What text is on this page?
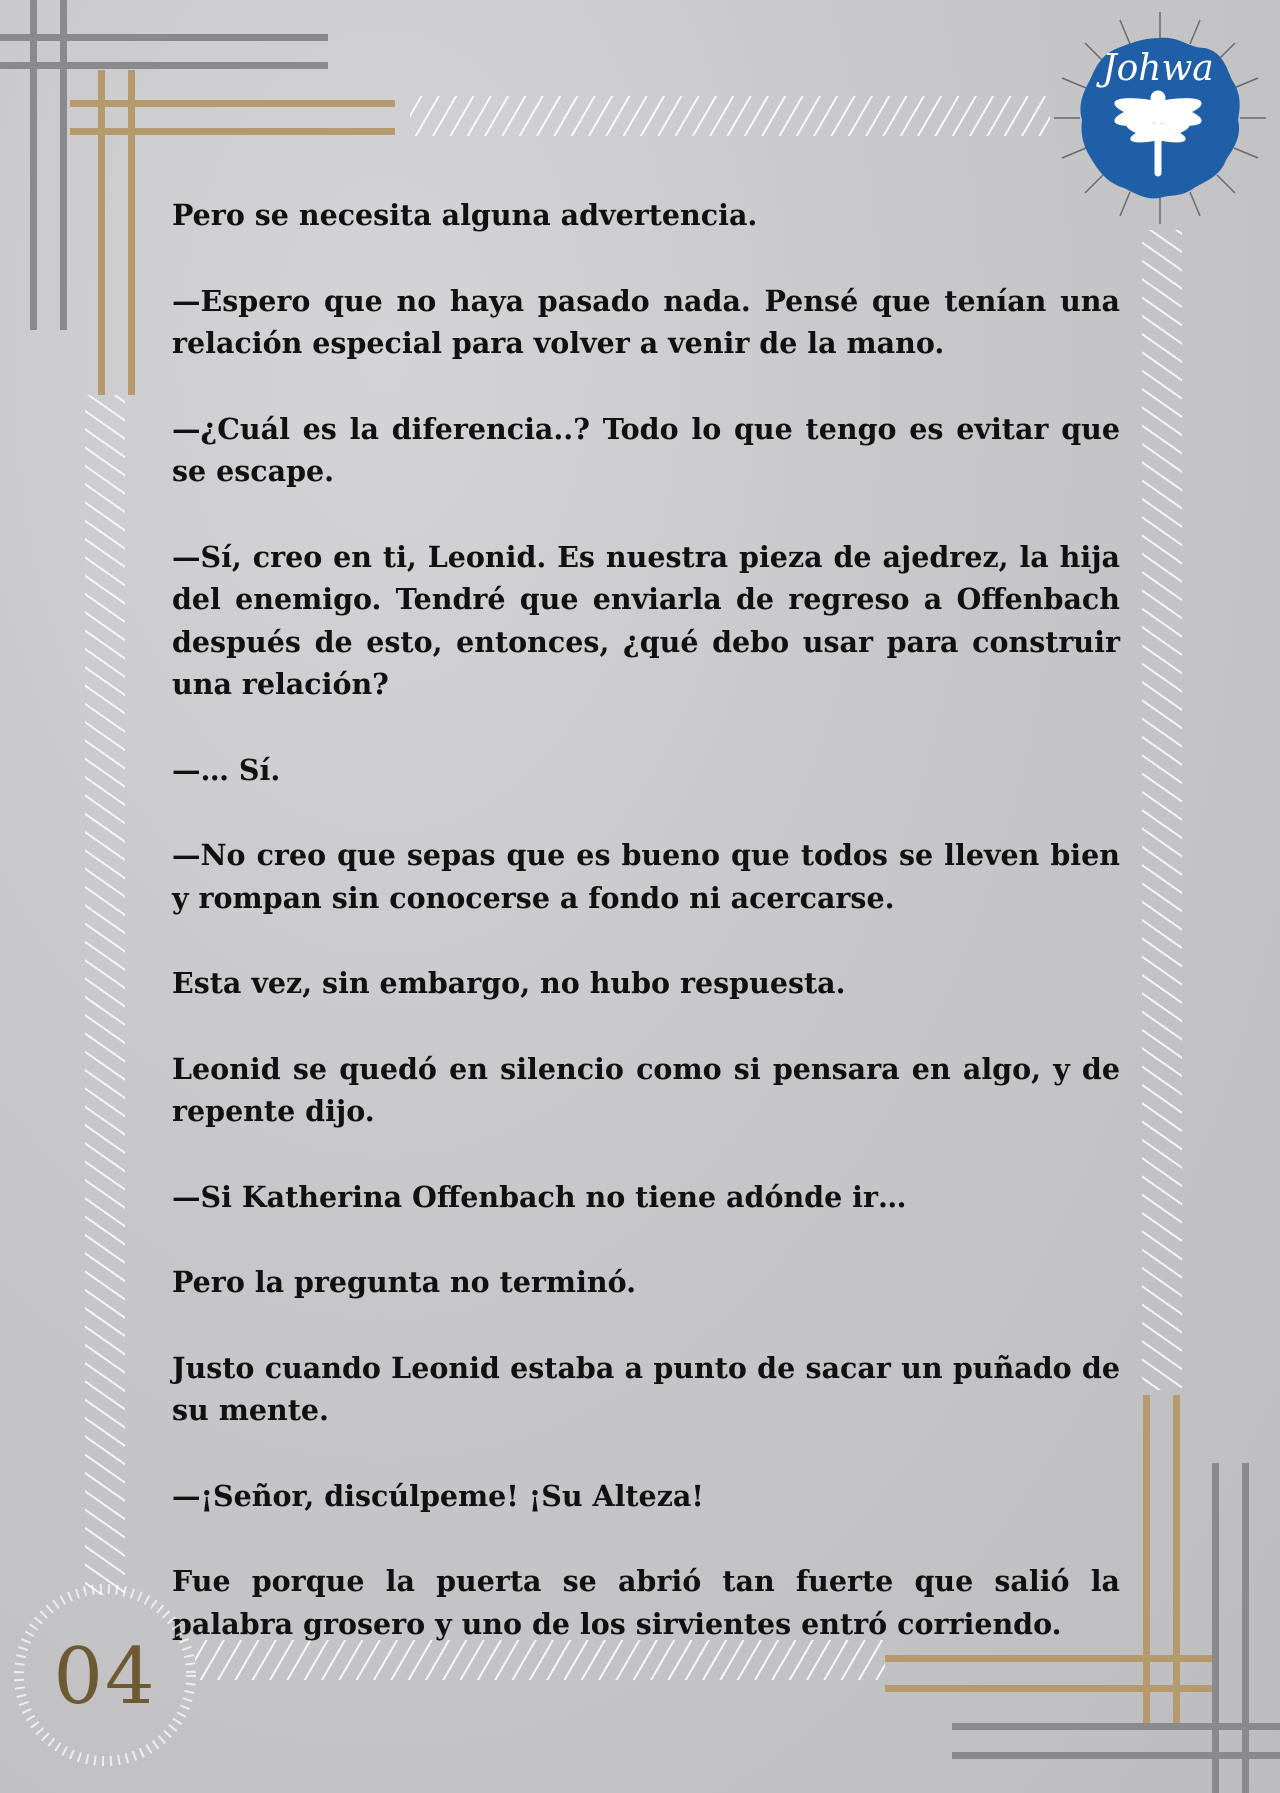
Johwa

Pero se necesita alguna advertencia.

—Espero que no haya pasado nada. Pensé que tenían una relación especial para volver a venir de la mano.

—¿Cuál es la diferencia..? Todo lo que tengo es evitar que se escape.

—Sí, creo en ti, Leonid. Es nuestra pieza de ajedrez, la hija del enemigo. Tendré que enviarla de regreso a Offenbach después de esto, entonces, ¿qué debo usar para construir una relación?

—… Sí.

—No creo que sepas que es bueno que todos se lleven bien y rompan sin conocerse a fondo ni acercarse.

Esta vez, sin embargo, no hubo respuesta.

Leonid se quedó en silencio como si pensara en algo, y de repente dijo.

—Si Katherina Offenbach no tiene adónde ir…

Pero la pregunta no terminó.

Justo cuando Leonid estaba a punto de sacar un puñado de su mente.

—¡Señor, discúlpeme! ¡Su Alteza!

Fue porque la puerta se abrió tan fuerte que salió la palabra grosero y uno de los sirvientes entró corriendo.

04
